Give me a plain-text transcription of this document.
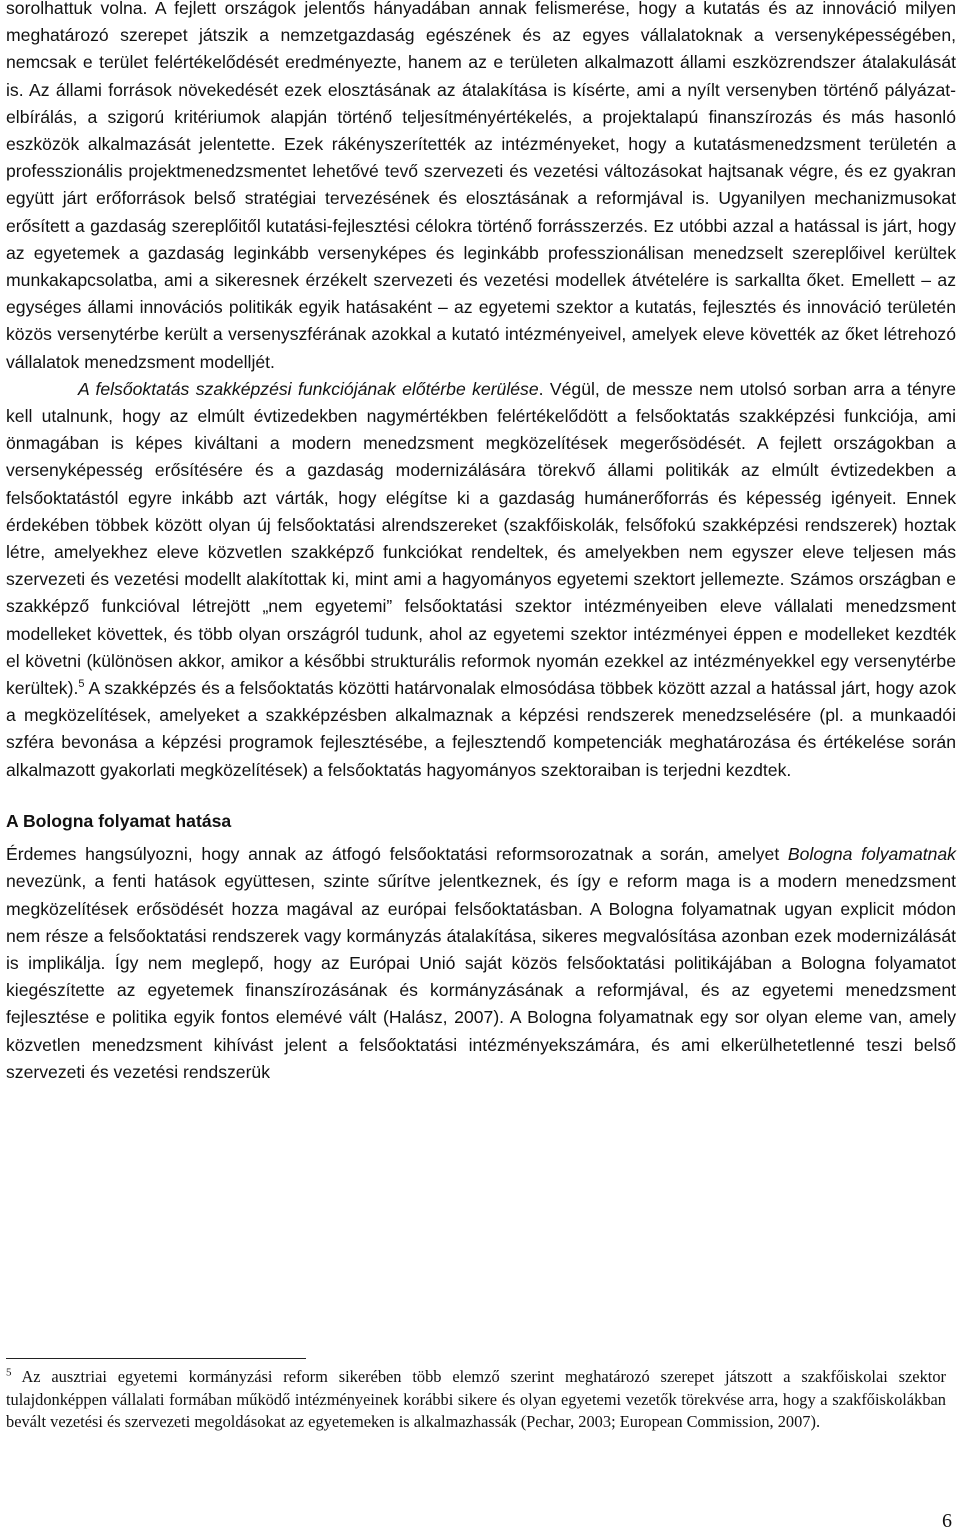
sorolhattuk volna. A fejlett országok jelentős hányadában annak felismerése, hogy a kutatás és az innováció milyen meghatározó szerepet játszik a nemzetgazdaság egészének és az egyes vállalatoknak a versenyképességében, nemcsak e terület felértékelődését eredményezte, hanem az e területen alkalmazott állami eszközrendszer átalakulását is. Az állami források növekedését ezek elosztásának az átalakítása is kísérte, ami a nyílt versenyben történő pályázat-elbírálás, a szigorú kritériumok alapján történő teljesítményértékelés, a projektalapú finanszírozás és más hasonló eszközök alkalmazását jelentette. Ezek rákényszerítették az intézményeket, hogy a kutatásmenedzsment területén a professzionális projektmenedzsmentet lehetővé tevő szervezeti és vezetési változásokat hajtsanak végre, és ez gyakran együtt járt erőforrások belső stratégiai tervezésének és elosztásának a reformjával is. Ugyanilyen mechanizmusokat erősített a gazdaság szereplőitől kutatási-fejlesztési célokra történő forrásszerzés. Ez utóbbi azzal a hatással is járt, hogy az egyetemek a gazdaság leginkább versenyképes és leginkább professzionálisan menedzselt szereplőivel kerültek munkakapcsolatba, ami a sikeresnek érzékelt szervezeti és vezetési modellek átvételére is sarkallta őket. Emellett – az egységes állami innovációs politikák egyik hatásaként – az egyetemi szektor a kutatás, fejlesztés és innováció területén közös versenytérbe került a versenyszférának azokkal a kutató intézményeivel, amelyek eleve követték az őket létrehozó vállalatok menedzsment modelljét.

A felsőoktatás szakképzési funkciójának előtérbe kerülése. Végül, de messze nem utolsó sorban arra a tényre kell utalnunk, hogy az elmúlt évtizedekben nagymértékben felértékelődött a felsőoktatás szakképzési funkciója, ami önmagában is képes kiváltani a modern menedzsment megközelítések megerősödését. A fejlett országokban a versenyképesség erősítésére és a gazdaság modernizálására törekvő állami politikák az elmúlt évtizedekben a felsőoktatástól egyre inkább azt várták, hogy elégítse ki a gazdaság humánerőforrás és képesség igényeit. Ennek érdekében többek között olyan új felsőoktatási alrendszereket (szakfőiskolák, felsőfokú szakképzési rendszerek) hoztak létre, amelyekhez eleve közvetlen szakképző funkciókat rendeltek, és amelyekben nem egyszer eleve teljesen más szervezeti és vezetési modellt alakítottak ki, mint ami a hagyományos egyetemi szektort jellemezte. Számos országban e szakképző funkcióval létrejött „nem egyetemi” felsőoktatási szektor intézményeiben eleve vállalati menedzsment modelleket követtek, és több olyan országról tudunk, ahol az egyetemi szektor intézményei éppen e modelleket kezdték el követni (különösen akkor, amikor a későbbi strukturális reformok nyomán ezekkel az intézményekkel egy versenytérbe kerültek).$^5$ A szakképzés és a felsőoktatás közötti határvonalak elmosódása többek között azzal a hatással járt, hogy azok a megközelítések, amelyeket a szakképzésben alkalmaznak a képzési rendszerek menedzselésére (pl. a munkaadói szféra bevonása a képzési programok fejlesztésébe, a fejlesztendő kompetenciák meghatározása és értékelése során alkalmazott gyakorlati megközelítések) a felsőoktatás hagyományos szektoraiban is terjedni kezdtek.

A Bologna folyamat hatása

Érdemes hangsúlyozni, hogy annak az átfogó felsőoktatási reformsorozatnak a során, amelyet Bologna folyamatnak nevezünk, a fenti hatások együttesen, szinte sűrítve jelentkeznek, és így e reform maga is a modern menedzsment megközelítések erősödését hozza magával az európai felsőoktatásban. A Bologna folyamatnak ugyan explicit módon nem része a felsőoktatási rendszerek vagy kormányzás átalakítása, sikeres megvalósítása azonban ezek modernizálását is implikálja. Így nem meglepő, hogy az Európai Unió saját közös felsőoktatási politikájában a Bologna folyamatot kiegészítette az egyetemek finanszírozásának és kormányzásának a reformjával, és az egyetemi menedzsment fejlesztése e politika egyik fontos elemévé vált (Halász, 2007). A Bologna folyamatnak egy sor olyan eleme van, amely közvetlen menedzsment kihívást jelent a felsőoktatási intézményekszámára, és ami elkerülhetetlenné teszi belső szervezeti és vezetési rendszerük

$^5$ Az ausztriai egyetemi kormányzási reform sikerében több elemző szerint meghatározó szerepet játszott a szakfőiskolai szektor tulajdonképpen vállalati formában működő intézményeinek korábbi sikere és olyan egyetemi vezetők törekvése arra, hogy a szakfőiskolákban bevált vezetési és szervezeti megoldásokat az egyetemeken is alkalmazhassák (Pechar, 2003; European Commission, 2007).

6
